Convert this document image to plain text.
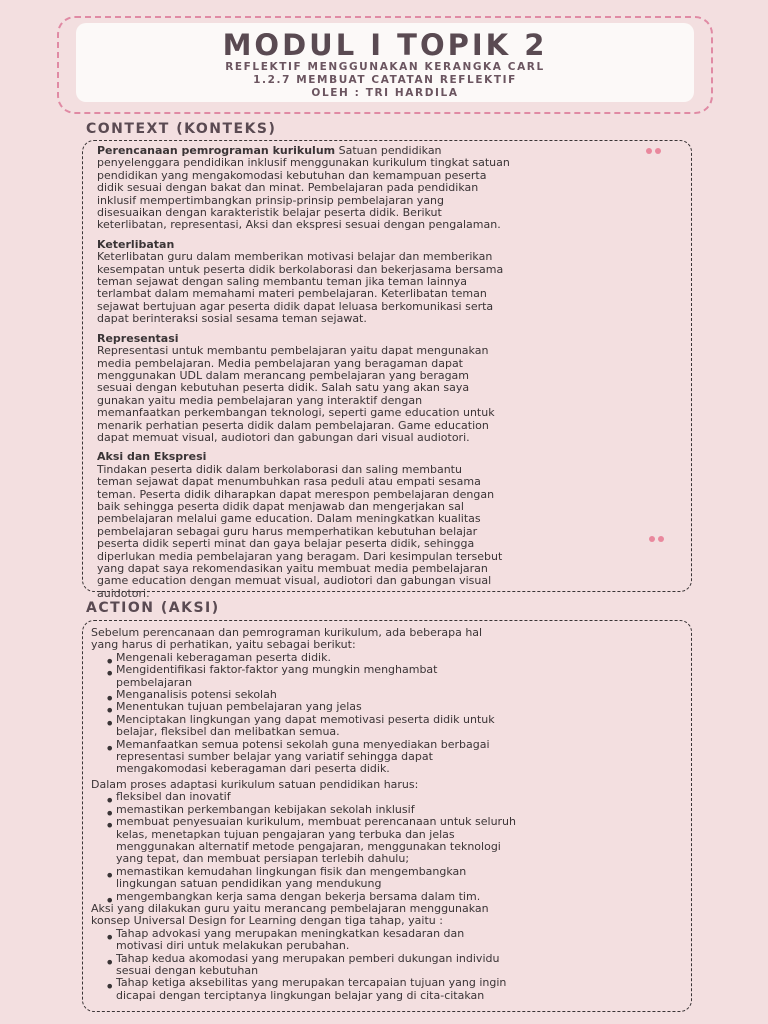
MODUL I TOPIK 2
REFLEKTIF MENGGUNAKAN KERANGKA CARL
1.2.7 MEMBUAT CATATAN REFLEKTIF
OLEH : TRI HARDILA
CONTEXT (KONTEKS)
Perencanaan pemrograman kurikulum Satuan pendidikan
penyelenggara pendidikan inklusif menggunakan kurikulum tingkat satuan
pendidikan yang mengakomodasi kebutuhan dan kemampuan peserta
didik sesuai dengan bakat dan minat. Pembelajaran pada pendidikan
inklusif mempertimbangkan prinsip-prinsip pembelajaran yang
disesuaikan dengan karakteristik belajar peserta didik. Berikut
keterlibatan, representasi, Aksi dan ekspresi sesuai dengan pengalaman.
Keterlibatan
Keterlibatan guru dalam memberikan motivasi belajar dan memberikan
kesempatan untuk peserta didik berkolaborasi dan bekerjasama bersama
teman sejawat dengan saling membantu teman jika teman lainnya
terlambat dalam memahami materi pembelajaran. Keterlibatan teman
sejawat bertujuan agar peserta didik dapat leluasa berkomunikasi serta
dapat berinteraksi sosial sesama teman sejawat.
Representasi
Representasi untuk membantu pembelajaran yaitu dapat mengunakan
media pembelajaran. Media pembelajaran yang beragaman dapat
menggunakan UDL dalam merancang pembelajaran yang beragam
sesuai dengan kebutuhan peserta didik. Salah satu yang akan saya
gunakan yaitu media pembelajaran yang interaktif dengan
memanfaatkan perkembangan teknologi, seperti game education untuk
menarik perhatian peserta didik dalam pembelajaran. Game education
dapat memuat visual, audiotori dan gabungan dari visual audiotori.
Aksi dan Ekspresi
Tindakan peserta didik dalam berkolaborasi dan saling membantu
teman sejawat dapat menumbuhkan rasa peduli atau empati sesama
teman. Peserta didik diharapkan dapat merespon pembelajaran dengan
baik sehingga peserta didik dapat menjawab dan mengerjakan sal
pembelajaran melalui game education. Dalam meningkatkan kualitas
pembelajaran sebagai guru harus memperhatikan kebutuhan belajar
peserta didik seperti minat dan gaya belajar peserta didik, sehingga
diperlukan media pembelajaran yang beragam. Dari kesimpulan tersebut
yang dapat saya rekomendasikan yaitu membuat media pembelajaran
game education dengan memuat visual, audiotori dan gabungan visual
auidotori.
ACTION (AKSI)
Sebelum perencanaan dan pemrograman kurikulum, ada beberapa hal
yang harus di perhatikan, yaitu sebagai berikut:
• Mengenali keberagaman peserta didik.
• Mengidentifikasi faktor-faktor yang mungkin menghambat
pembelajaran
• Menganalisis potensi sekolah
• Menentukan tujuan pembelajaran yang jelas
• Menciptakan lingkungan yang dapat memotivasi peserta didik untuk
belajar, fleksibel dan melibatkan semua.
• Memanfaatkan semua potensi sekolah guna menyediakan berbagai
representasi sumber belajar yang variatif sehingga dapat
mengakomodasi keberagaman dari peserta didik.
Dalam proses adaptasi kurikulum satuan pendidikan harus:
• fleksibel dan inovatif
• memastikan perkembangan kebijakan sekolah inklusif
• membuat penyesuaian kurikulum, membuat perencanaan untuk seluruh
kelas, menetapkan tujuan pengajaran yang terbuka dan jelas
menggunakan alternatif metode pengajaran, menggunakan teknologi
yang tepat, dan membuat persiapan terlebih dahulu;
• memastikan kemudahan lingkungan fisik dan mengembangkan
lingkungan satuan pendidikan yang mendukung
• mengembangkan kerja sama dengan bekerja bersama dalam tim.
Aksi yang dilakukan guru yaitu merancang pembelajaran menggunakan
konsep Universal Design for Learning dengan tiga tahap, yaitu :
• Tahap advokasi yang merupakan meningkatkan kesadaran dan
motivasi diri untuk melakukan perubahan.
• Tahap kedua akomodasi yang merupakan pemberi dukungan individu
sesuai dengan kebutuhan
• Tahap ketiga aksebilitas yang merupakan tercapaian tujuan yang ingin
dicapai dengan terciptanya lingkungan belajar yang di cita-citakan
